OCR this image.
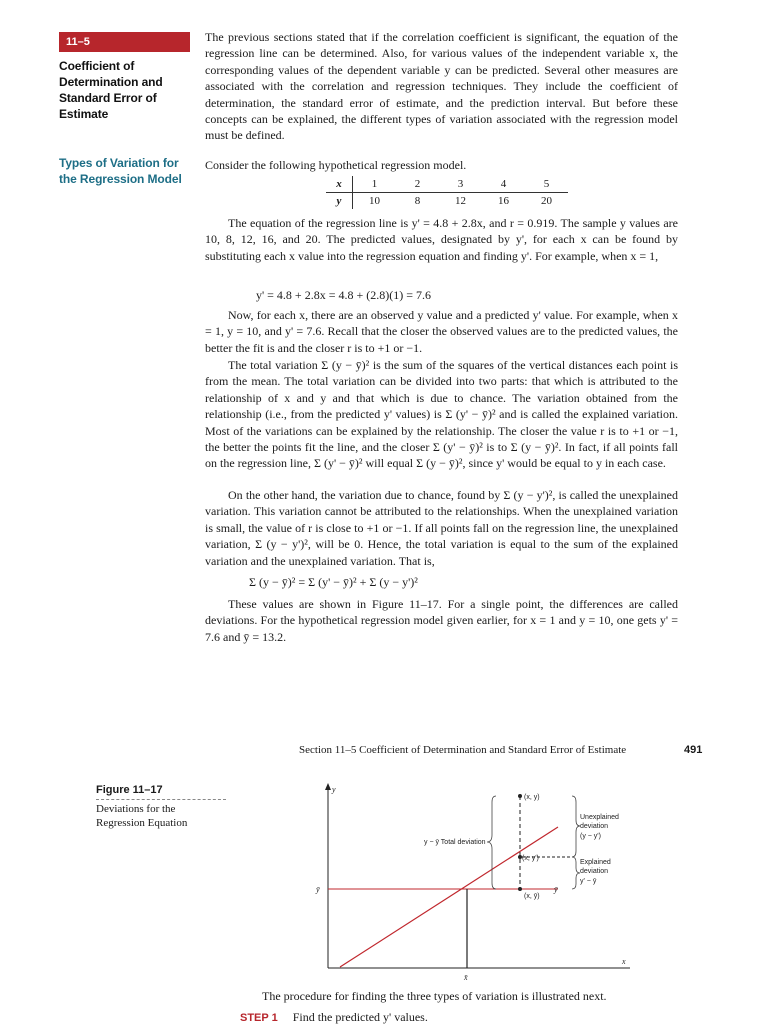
11–5
Coefficient of
Determination and
Standard Error of
Estimate
Types of Variation for
the Regression Model

The previous sections stated that if the correlation coefficient is significant, the equation of the regression line can be determined. Also, for various values of the independent variable x, the corresponding values of the dependent variable y can be predicted. Several other measures are associated with the correlation and regression techniques. They include the coefficient of determination, the standard error of estimate, and the prediction interval. But before these concepts can be explained, the different types of variation associated with the regression model must be defined.

Consider the following hypothetical regression model.

x	1	2	3	4	5
y	10	8	12	16	20

The equation of the regression line is y' = 4.8 + 2.8x, and r = 0.919. The sample y values are 10, 8, 12, 16, and 20. The predicted values, designated by y', for each x can be found by substituting each x value into the regression equation and finding y'. For example, when x = 1,

y' = 4.8 + 2.8x = 4.8 + (2.8)(1) = 7.6

Now, for each x, there are an observed y value and a predicted y' value. For example, when x = 1, y = 10, and y' = 7.6. Recall that the closer the observed values are to the predicted values, the better the fit is and the closer r is to +1 or −1.

The total variation Σ (y − ȳ)² is the sum of the squares of the vertical distances each point is from the mean. The total variation can be divided into two parts: that which is attributed to the relationship of x and y and that which is due to chance. The variation obtained from the relationship (i.e., from the predicted y' values) is Σ (y' − ȳ)² and is called the explained variation. Most of the variations can be explained by the relationship. The closer the value r is to +1 or −1, the better the points fit the line, and the closer Σ (y' − ȳ)² is to Σ (y − ȳ)². In fact, if all points fall on the regression line, Σ (y' − ȳ)² will equal Σ (y − ȳ)², since y' would be equal to y in each case.

On the other hand, the variation due to chance, found by Σ (y − y')², is called the unexplained variation. This variation cannot be attributed to the relationships. When the unexplained variation is small, the value of r is close to +1 or −1. If all points fall on the regression line, the unexplained variation, Σ (y − y')², will be 0. Hence, the total variation is equal to the sum of the explained variation and the unexplained variation. That is,

Σ (y − ȳ)² = Σ (y' − ȳ)² + Σ (y − y')²

These values are shown in Figure 11–17. For a single point, the differences are called deviations. For the hypothetical regression model given earlier, for x = 1 and y = 10, one gets y' = 7.6 and ȳ = 13.2.

Section 11–5 Coefficient of Determination and Standard Error of Estimate	491
Figure 11–17
Deviations for the
Regression Equation
y
x
ȳ
x̄
(x, y)
(x, y')
(x, ȳ)
ȳ
y − ȳ Total deviation
Unexplained
deviation
(y − y')
Explained
deviation
y' − ȳ

The procedure for finding the three types of variation is illustrated next.

STEP 1 Find the predicted y' values.
